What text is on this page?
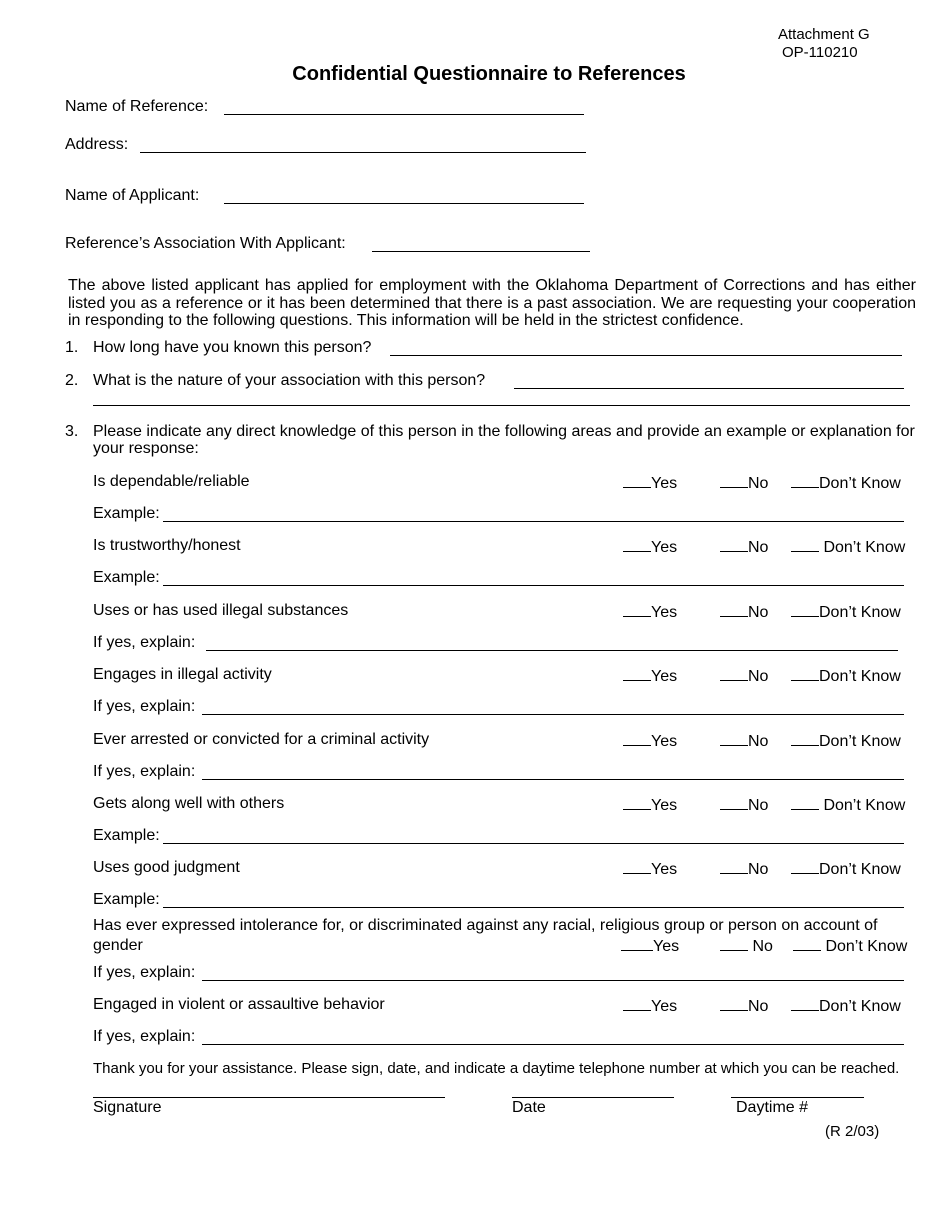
Attachment G
OP-110210
Confidential Questionnaire to References
Name of Reference:
Address:
Name of Applicant:
Reference’s Association With Applicant:
The above listed applicant has applied for employment with the Oklahoma Department of Corrections and has either listed you as a reference or it has been determined that there is a past association. We are requesting your cooperation in responding to the following questions. This information will be held in the strictest confidence.
1. How long have you known this person?
2. What is the nature of your association with this person?
3. Please indicate any direct knowledge of this person in the following areas and provide an example or explanation for your response:
Is dependable/reliable	Yes	No	Don’t Know
Example:
Is trustworthy/honest	Yes	No	Don’t Know
Example:
Uses or has used illegal substances	Yes	No	Don’t Know
If yes, explain:
Engages in illegal activity	Yes	No	Don’t Know
If yes, explain:
Ever arrested or convicted for a criminal activity	Yes	No	Don’t Know
If yes, explain:
Gets along well with others	Yes	No	Don’t Know
Example:
Uses good judgment	Yes	No	Don’t Know
Example:
Has ever expressed intolerance for, or discriminated against any racial, religious group or person on account of gender	Yes	No	Don’t Know
If yes, explain:
Engaged in violent or assaultive behavior	Yes	No	Don’t Know
If yes, explain:
Thank you for your assistance. Please sign, date, and indicate a daytime telephone number at which you can be reached.
Signature	Date	Daytime #
(R 2/03)
